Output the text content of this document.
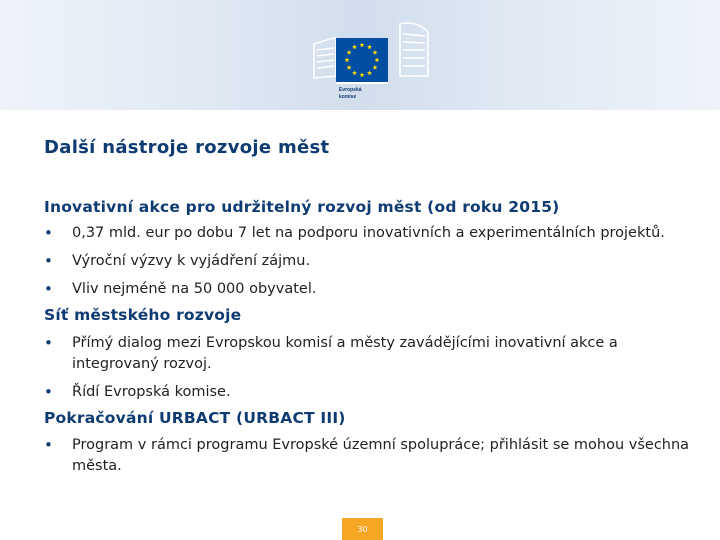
Evropská
komise
Další nástroje rozvoje měst
Inovativní akce pro udržitelný rozvoj měst (od roku 2015)
• 0,37 mld. eur po dobu 7 let na podporu inovativních a experimentálních projektů.
• Výroční výzvy k vyjádření zájmu.
• Vliv nejméně na 50 000 obyvatel.
Síť městského rozvoje
• Přímý dialog mezi Evropskou komisí a městy zavádějícími inovativní akce a integrovaný rozvoj.
• Řídí Evropská komise.
Pokračování URBACT (URBACT III)
• Program v rámci programu Evropské územní spolupráce; přihlásit se mohou všechna města.
30
